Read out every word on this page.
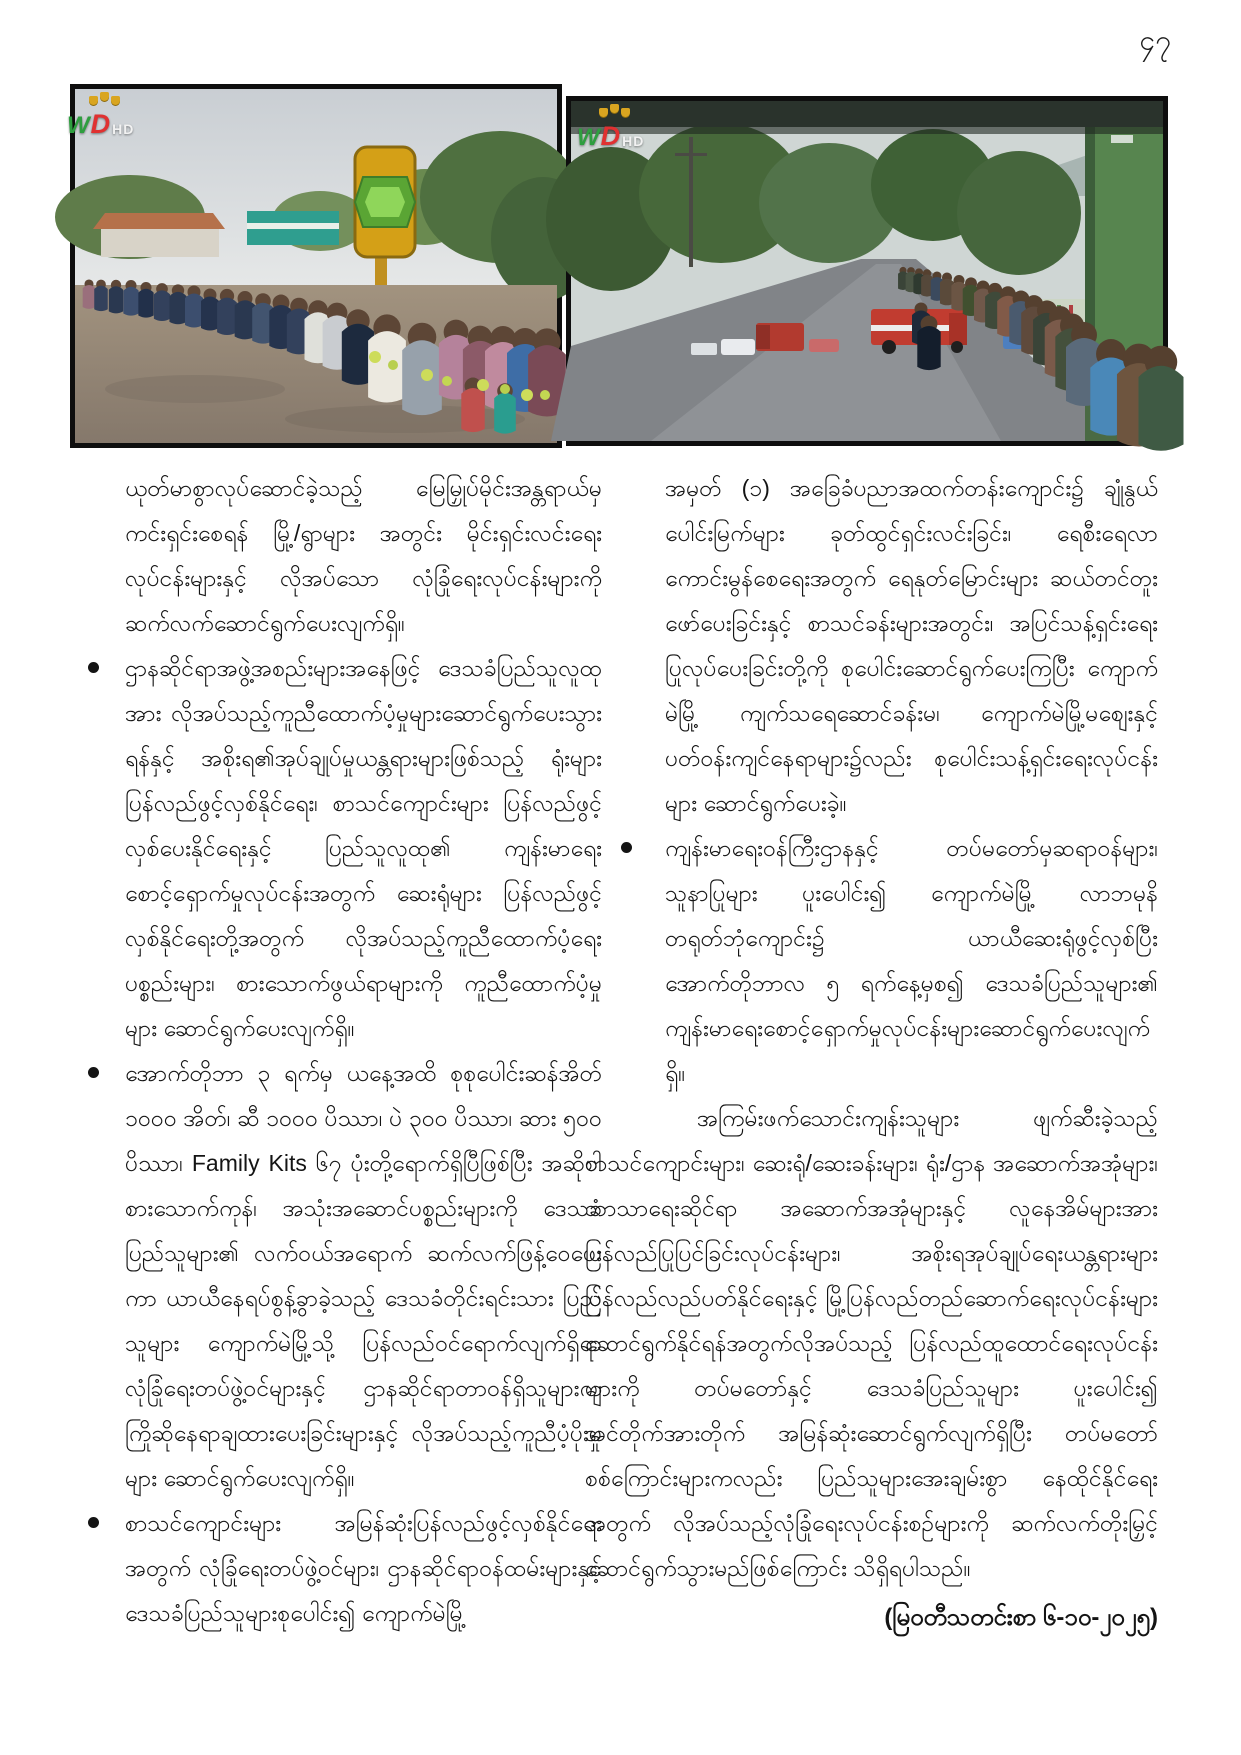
၄၇
W D HD	W D HD

ယုတ်မာစွာလုပ်ဆောင်ခဲ့သည့် မြေမြှုပ်မိုင်းအန္တရာယ်မှ ကင်းရှင်းစေရန် မြို့/ရွာများ အတွင်း မိုင်းရှင်းလင်းရေး လုပ်ငန်းများနှင့် လိုအပ်သော လုံခြုံရေးလုပ်ငန်းများကို ဆက်လက်ဆောင်ရွက်ပေးလျက်ရှိ။

ဌာနဆိုင်ရာအဖွဲ့အစည်းများအနေဖြင့် ဒေသခံပြည်သူလူထုအား လိုအပ်သည့်ကူညီထောက်ပံ့မှုများဆောင်ရွက်ပေးသွားရန်နှင့် အစိုးရ၏အုပ်ချုပ်မှုယန္တရားများဖြစ်သည့် ရုံးများပြန်လည်ဖွင့်လှစ်နိုင်ရေး၊ စာသင်ကျောင်းများ ပြန်လည်ဖွင့်လှစ်ပေးနိုင်ရေးနှင့် ပြည်သူလူထု၏ ကျန်းမာရေးစောင့်ရှောက်မှုလုပ်ငန်းအတွက် ဆေးရုံများ ပြန်လည်ဖွင့်လှစ်နိုင်ရေးတို့အတွက် လိုအပ်သည့်ကူညီထောက်ပံ့ရေးပစ္စည်းများ၊ စားသောက်ဖွယ်ရာများကို ကူညီထောက်ပံ့မှုများ ဆောင်ရွက်ပေးလျက်ရှိ။

အောက်တိုဘာ ၃ ရက်မှ ယနေ့အထိ စုစုပေါင်းဆန်အိတ် ၁၀၀၀ အိတ်၊ ဆီ ၁၀၀၀ ပိဿာ၊ ပဲ ၃၀၀ ပိဿာ၊ ဆား ၅၀၀ ပိဿာ၊ Family Kits ၆၇ ပုံးတို့ရောက်ရှိပြီဖြစ်ပြီး အဆိုပါစားသောက်ကုန်၊ အသုံးအဆောင်ပစ္စည်းများကို ဒေသခံပြည်သူများ၏ လက်ဝယ်အရောက် ဆက်လက်ဖြန့်ဝေပေးကာ ယာယီနေရပ်စွန့်ခွာခဲ့သည့် ဒေသခံတိုင်းရင်းသား ပြည်သူများ ကျောက်မဲမြို့သို့ ပြန်လည်ဝင်ရောက်လျက်ရှိရာ လုံခြုံရေးတပ်ဖွဲ့ဝင်များနှင့် ဌာနဆိုင်ရာတာဝန်ရှိသူများက ကြိုဆိုနေရာချထားပေးခြင်းများနှင့် လိုအပ်သည့်ကူညီပံ့ပိုးမှုများ ဆောင်ရွက်ပေးလျက်ရှိ။

စာသင်ကျောင်းများ အမြန်ဆုံးပြန်လည်ဖွင့်လှစ်နိုင်ရေးအတွက် လုံခြုံရေးတပ်ဖွဲ့ဝင်များ၊ ဌာနဆိုင်ရာဝန်ထမ်းများနှင့် ဒေသခံပြည်သူများစုပေါင်း၍ ကျောက်မဲမြို့

အမှတ် (၁) အခြေခံပညာအထက်တန်းကျောင်း၌ ချုံနွယ်ပေါင်းမြက်များ ခုတ်ထွင်ရှင်းလင်းခြင်း၊ ရေစီးရေလာကောင်းမွန်စေရေးအတွက် ရေနုတ်မြောင်းများ ဆယ်တင်တူးဖော်ပေးခြင်းနှင့် စာသင်ခန်းများအတွင်း၊ အပြင်သန့်ရှင်းရေးပြုလုပ်ပေးခြင်းတို့ကို စုပေါင်းဆောင်ရွက်ပေးကြပြီး ကျောက်မဲမြို့ ကျက်သရေဆောင်ခန်းမ၊ ကျောက်မဲမြို့မစျေးနှင့် ပတ်ဝန်းကျင်နေရာများ၌လည်း စုပေါင်းသန့်ရှင်းရေးလုပ်ငန်းများ ဆောင်ရွက်ပေးခဲ့။

ကျန်းမာရေးဝန်ကြီးဌာနနှင့် တပ်မတော်မှဆရာဝန်များ၊ သူနာပြုများ ပူးပေါင်း၍ ကျောက်မဲမြို့ လာဘမုနိ တရုတ်ဘုံကျောင်း၌ ယာယီဆေးရုံဖွင့်လှစ်ပြီး အောက်တိုဘာလ ၅ ရက်နေ့မှစ၍ ဒေသခံပြည်သူများ၏ ကျန်းမာရေးစောင့်ရှောက်မှုလုပ်ငန်းများဆောင်ရွက်ပေးလျက်ရှိ။

အကြမ်းဖက်သောင်းကျန်းသူများ ဖျက်ဆီးခဲ့သည့် စာသင်ကျောင်းများ၊ ဆေးရုံ/ဆေးခန်းများ၊ ရုံး/ဌာန အဆောက်အအုံများ၊ ဘာသာရေးဆိုင်ရာ အဆောက်အအုံများနှင့် လူနေအိမ်များအား ပြန်လည်ပြုပြင်ခြင်းလုပ်ငန်းများ၊ အစိုးရအုပ်ချုပ်ရေးယန္တရားများ ပြန်လည်လည်ပတ်နိုင်ရေးနှင့် မြို့ပြန်လည်တည်ဆောက်ရေးလုပ်ငန်းများ ဆောင်ရွက်နိုင်ရန်အတွက်လိုအပ်သည့် ပြန်လည်ထူထောင်ရေးလုပ်ငန်းများကို တပ်မတော်နှင့် ဒေသခံပြည်သူများ ပူးပေါင်း၍ အင်တိုက်အားတိုက် အမြန်ဆုံးဆောင်ရွက်လျက်ရှိပြီး တပ်မတော်စစ်ကြောင်းများကလည်း ပြည်သူများအေးချမ်းစွာ နေထိုင်နိုင်ရေးအတွက် လိုအပ်သည့်လုံခြုံရေးလုပ်ငန်းစဉ်များကို ဆက်လက်တိုးမြှင့်ဆောင်ရွက်သွားမည်ဖြစ်ကြောင်း သိရှိရပါသည်။

(မြဝတီသတင်းစာ ၆-၁၀-၂၀၂၅)
